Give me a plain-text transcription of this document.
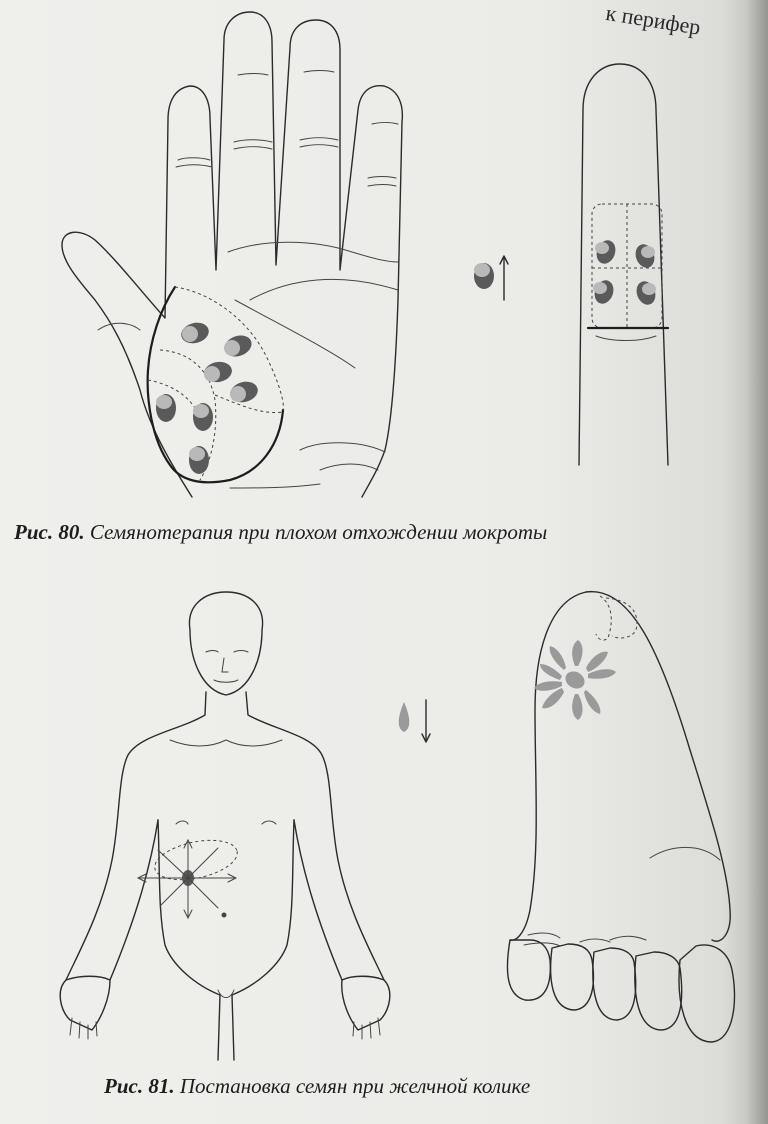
к перифер
Рис. 80. Семянотерапия при плохом отхождении мокроты
Рис. 81. Постановка семян при желчной колике
